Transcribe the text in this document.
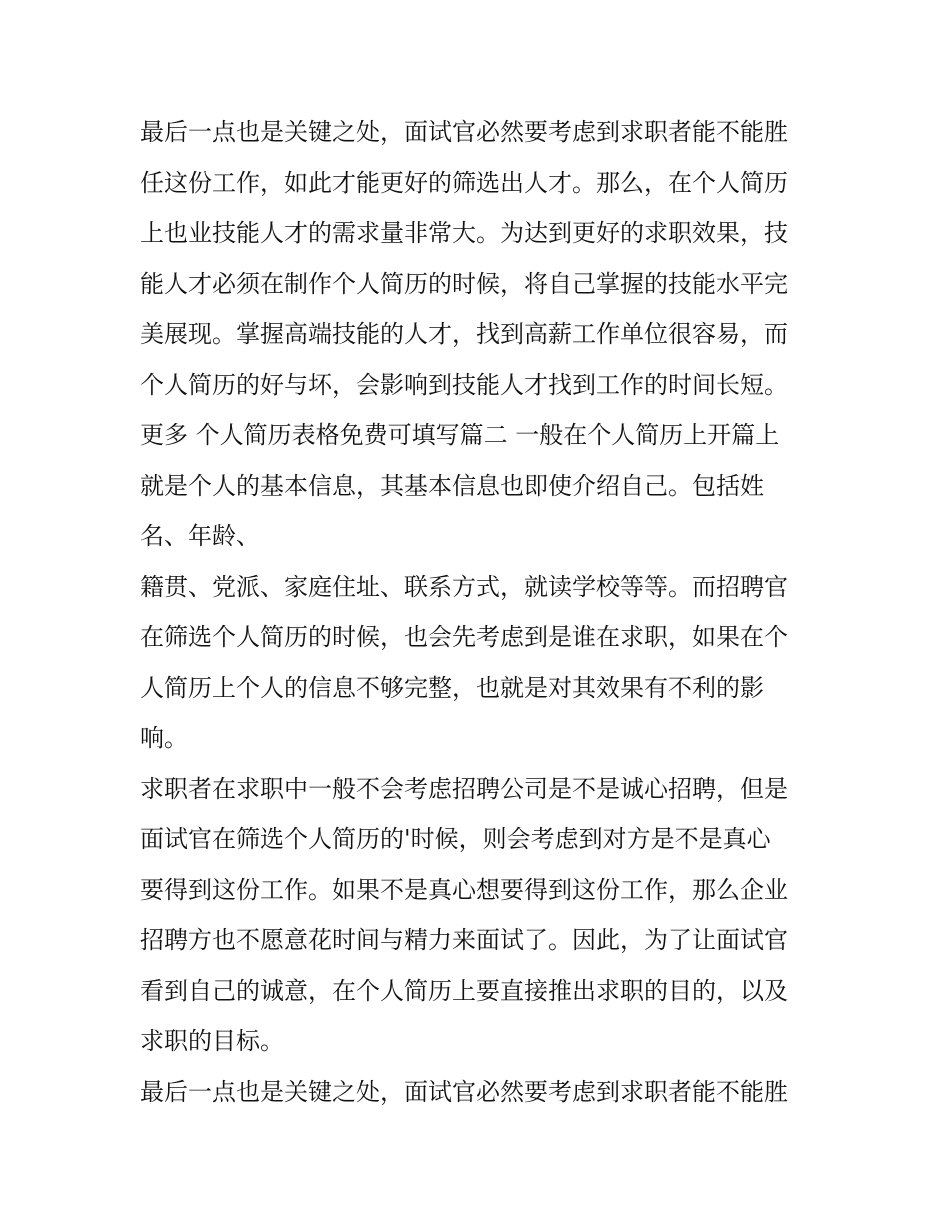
最后一点也是关键之处，面试官必然要考虑到求职者能不能胜
任这份工作，如此才能更好的筛选出人才。那么，在个人简历
上也业技能人才的需求量非常大。为达到更好的求职效果，技
能人才必须在制作个人简历的时候，将自己掌握的技能水平完
美展现。掌握高端技能的人才，找到高薪工作单位很容易，而
个人简历的好与坏，会影响到技能人才找到工作的时间长短。
更多 个人简历表格免费可填写篇二 一般在个人简历上开篇上
就是个人的基本信息，其基本信息也即使介绍自己。包括姓
名、年龄、
籍贯、党派、家庭住址、联系方式，就读学校等等。而招聘官
在筛选个人简历的时候，也会先考虑到是谁在求职，如果在个
人简历上个人的信息不够完整，也就是对其效果有不利的影
响。
求职者在求职中一般不会考虑招聘公司是不是诚心招聘，但是
面试官在筛选个人简历的'时候，则会考虑到对方是不是真心
要得到这份工作。如果不是真心想要得到这份工作，那么企业
招聘方也不愿意花时间与精力来面试了。因此，为了让面试官
看到自己的诚意，在个人简历上要直接推出求职的目的，以及
求职的目标。
最后一点也是关键之处，面试官必然要考虑到求职者能不能胜
